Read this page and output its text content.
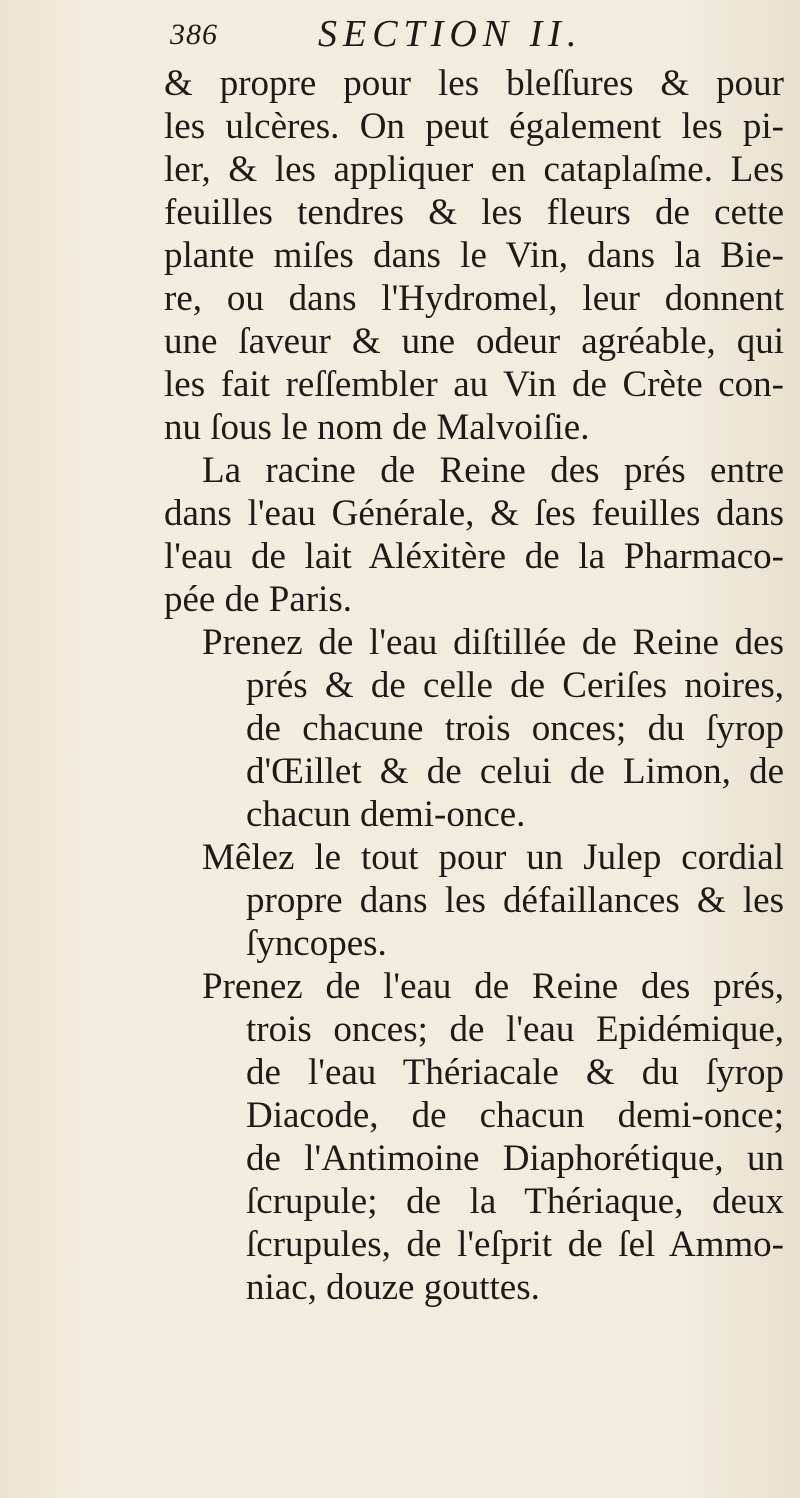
386	SECTION II.
& propre pour les bleſſures & pour
les ulcères. On peut également les pi-
ler, & les appliquer en cataplaſme. Les
feuilles tendres & les fleurs de cette
plante miſes dans le Vin, dans la Bie-
re, ou dans l'Hydromel, leur donnent
une ſaveur & une odeur agréable, qui
les fait reſſembler au Vin de Crète con-
nu ſous le nom de Malvoiſie.
La racine de Reine des prés entre
dans l'eau Générale, & ſes feuilles dans
l'eau de lait Aléxitère de la Pharmaco-
pée de Paris.
Prenez de l'eau diſtillée de Reine des
prés & de celle de Ceriſes noires,
de chacune trois onces; du ſyrop
d'Œillet & de celui de Limon, de
chacun demi-once.
Mêlez le tout pour un Julep cordial
propre dans les défaillances & les
ſyncopes.
Prenez de l'eau de Reine des prés,
trois onces; de l'eau Epidémique,
de l'eau Thériacale & du ſyrop
Diacode, de chacun demi-once;
de l'Antimoine Diaphorétique, un
ſcrupule; de la Thériaque, deux
ſcrupules, de l'eſprit de ſel Ammo-
niac, douze gouttes.
